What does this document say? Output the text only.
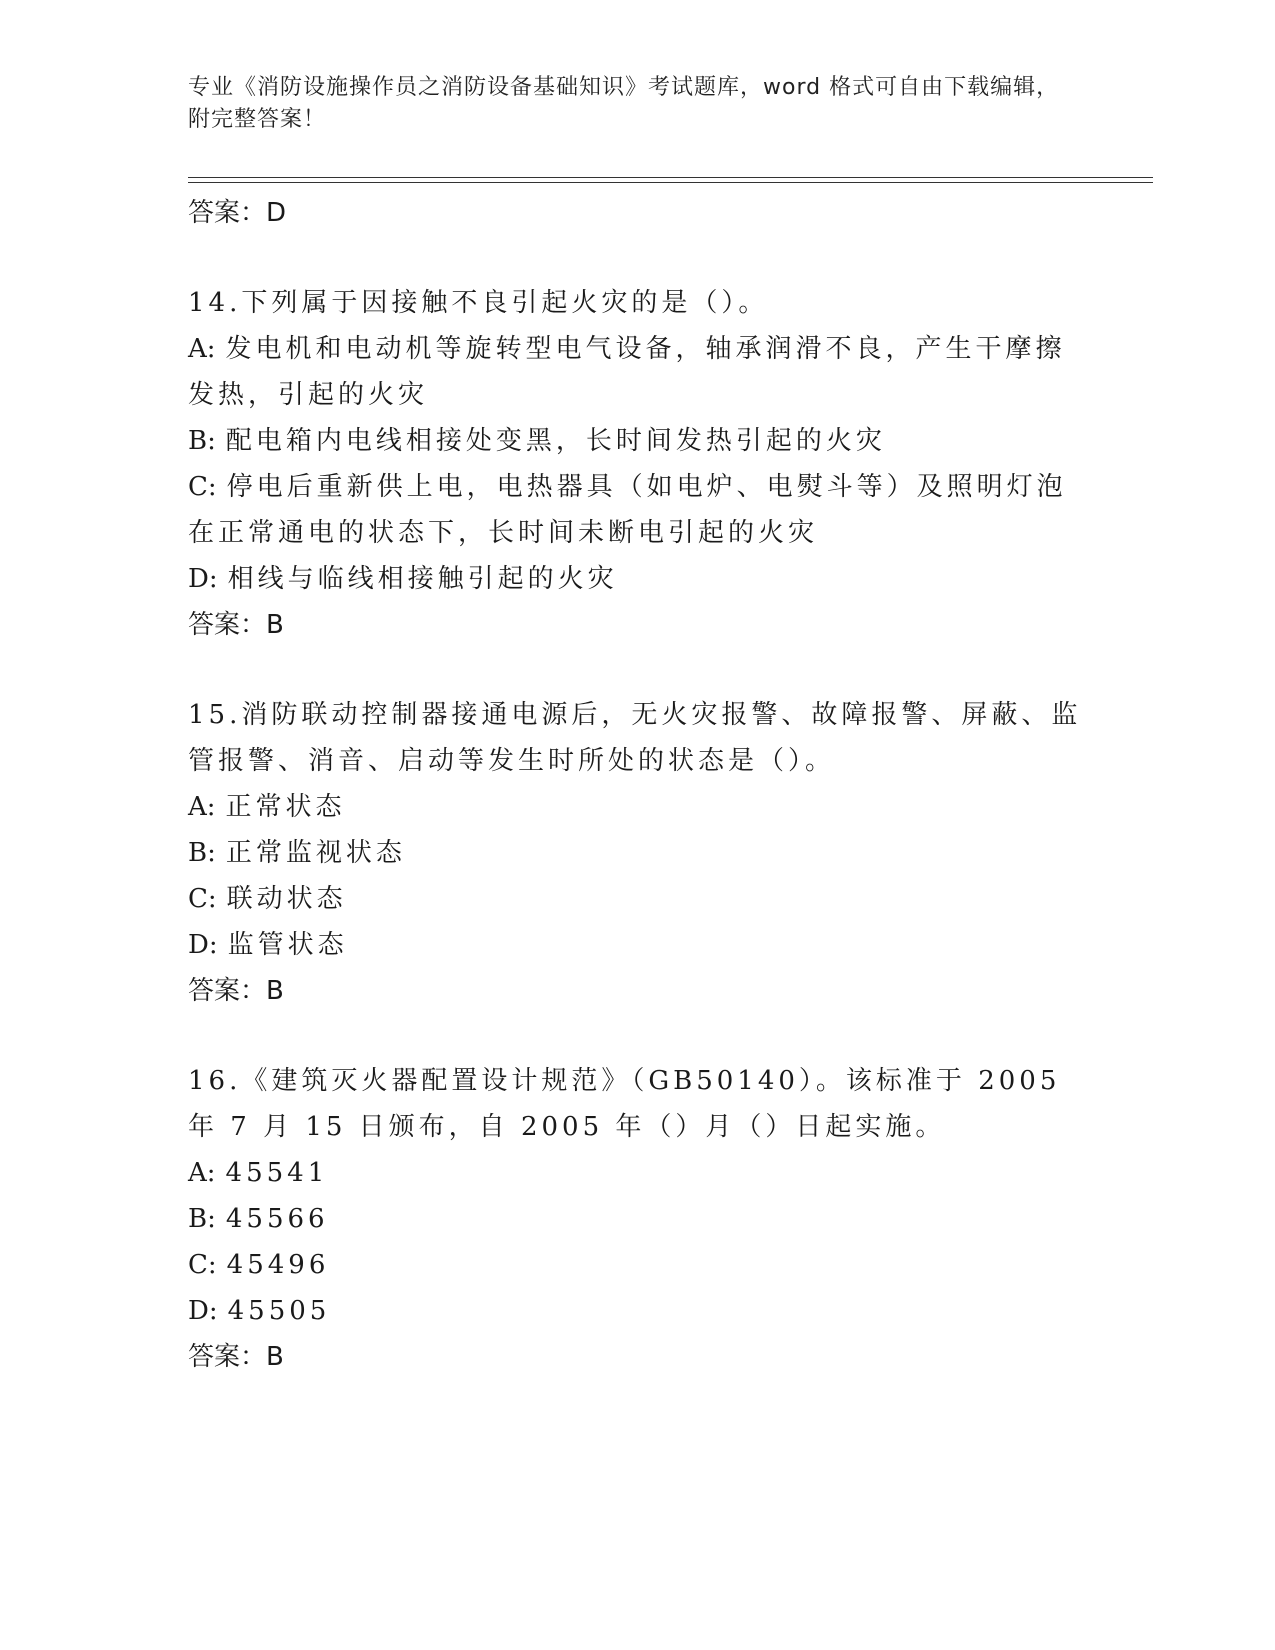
专业《消防设施操作员之消防设备基础知识》考试题库，word 格式可自由下载编辑，附完整答案！

答案：D

14.下列属于因接触不良引起火灾的是（）。

A: 发电机和电动机等旋转型电气设备，轴承润滑不良，产生干摩擦发热，引起的火灾

B: 配电箱内电线相接处变黑，长时间发热引起的火灾

C: 停电后重新供上电，电热器具（如电炉、电熨斗等）及照明灯泡在正常通电的状态下，长时间未断电引起的火灾

D: 相线与临线相接触引起的火灾

答案：B

15.消防联动控制器接通电源后，无火灾报警、故障报警、屏蔽、监管报警、消音、启动等发生时所处的状态是（）。

A: 正常状态

B: 正常监视状态

C: 联动状态

D: 监管状态

答案：B

16.《建筑灭火器配置设计规范》（GB50140）。该标准于 2005 年 7 月 15 日颁布，自 2005 年（）月（）日起实施。

A: 45541

B: 45566

C: 45496

D: 45505

答案：B
